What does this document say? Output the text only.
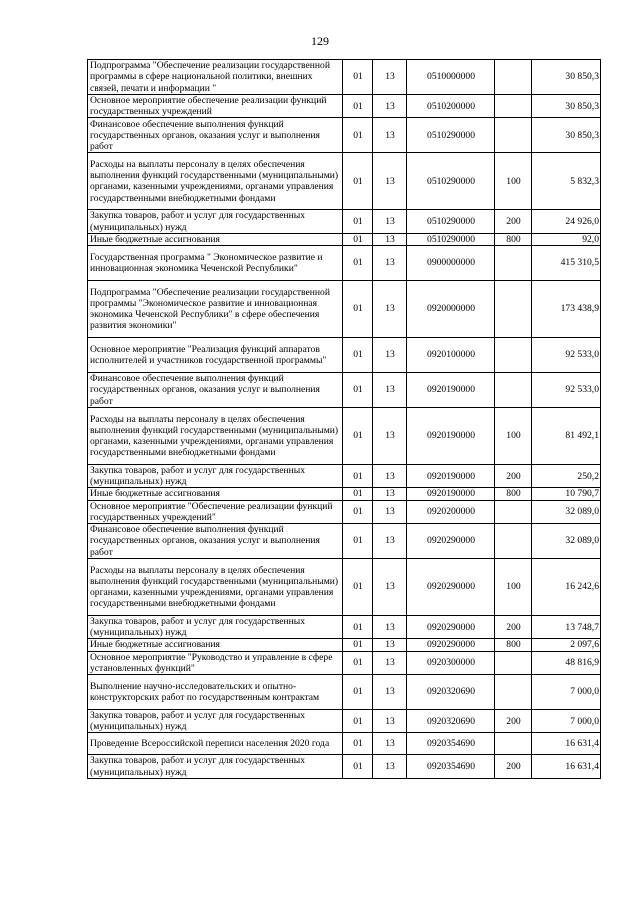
129
Подпрограмма "Обеспечение реализации государственной программы в сфере национальной политики, внешних связей, печати и информации "	01	13	0510000000		30 850,3
Основное мероприятие обеспечение реализации функций государственных учреждений	01	13	0510200000		30 850,3
Финансовое обеспечение выполнения функций государственных органов, оказания услуг и выполнения работ	01	13	0510290000		30 850,3
Расходы на выплаты персоналу в целях обеспечения выполнения функций государственными (муниципальными) органами, казенными учреждениями, органами управления государственными внебюджетными фондами	01	13	0510290000	100	5 832,3
Закупка товаров, работ и услуг для государственных (муниципальных) нужд	01	13	0510290000	200	24 926,0
Иные бюджетные ассигнования	01	13	0510290000	800	92,0
Государственная программа " Экономическое развитие и инновационная экономика Чеченской Республики"	01	13	0900000000		415 310,5
Подпрограмма "Обеспечение реализации государственной программы "Экономическое развитие и инновационная экономика Чеченской Республики" в сфере обеспечения развития экономики"	01	13	0920000000		173 438,9
Основное мероприятие "Реализация функций аппаратов исполнителей и участников государственной программы"	01	13	0920100000		92 533,0
Финансовое обеспечение выполнения функций государственных органов, оказания услуг и выполнения работ	01	13	0920190000		92 533,0
Расходы на выплаты персоналу в целях обеспечения выполнения функций государственными (муниципальными) органами, казенными учреждениями, органами управления государственными внебюджетными фондами	01	13	0920190000	100	81 492,1
Закупка товаров, работ и услуг для государственных (муниципальных) нужд	01	13	0920190000	200	250,2
Иные бюджетные ассигнования	01	13	0920190000	800	10 790,7
Основное мероприятие "Обеспечение реализации функций государственных учреждений"	01	13	0920200000		32 089,0
Финансовое обеспечение выполнения функций государственных органов, оказания услуг и выполнения работ	01	13	0920290000		32 089,0
Расходы на выплаты персоналу в целях обеспечения выполнения функций государственными (муниципальными) органами, казенными учреждениями, органами управления государственными внебюджетными фондами	01	13	0920290000	100	16 242,6
Закупка товаров, работ и услуг для государственных (муниципальных) нужд	01	13	0920290000	200	13 748,7
Иные бюджетные ассигнования	01	13	0920290000	800	2 097,6
Основное мероприятие "Руководство и управление в сфере установленных функций"	01	13	0920300000		48 816,9
Выполнение научно-исследовательских и опытно-конструкторских работ по государственным контрактам	01	13	0920320690		7 000,0
Закупка товаров, работ и услуг для государственных (муниципальных) нужд	01	13	0920320690	200	7 000,0
Проведение Всероссийской переписи населения 2020 года	01	13	0920354690		16 631,4
Закупка товаров, работ и услуг для государственных (муниципальных) нужд	01	13	0920354690	200	16 631,4
